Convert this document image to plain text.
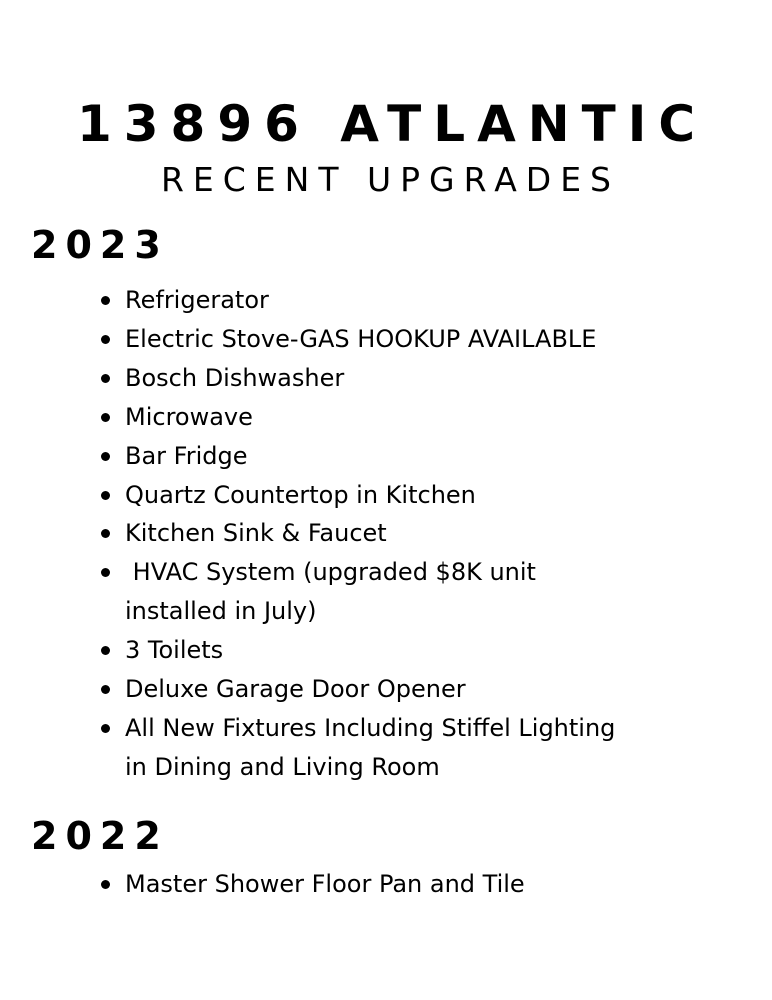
13896 ATLANTIC
RECENT UPGRADES
2023
Refrigerator
Electric Stove-GAS HOOKUP AVAILABLE
Bosch Dishwasher
Microwave
Bar Fridge
Quartz Countertop in Kitchen
Kitchen Sink & Faucet
HVAC System (upgraded $8K unit
installed in July)
3 Toilets
Deluxe Garage Door Opener
All New Fixtures Including Stiffel Lighting
in Dining and Living Room
2022
Master Shower Floor Pan and Tile
